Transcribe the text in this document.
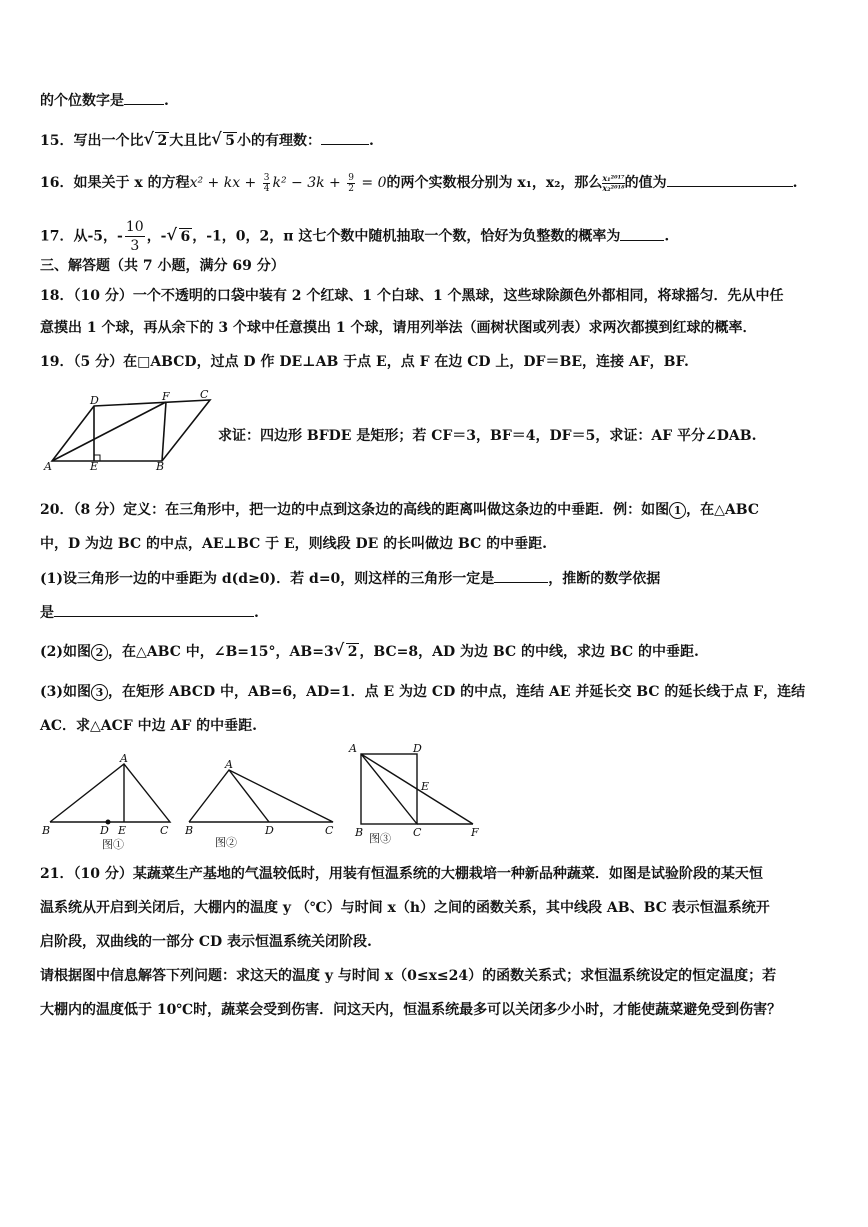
的个位数字是	.
15．写出一个比 √ 2 大且比 √ 5 小的有理数：	.
16．如果关于 x 的方程x² + kx + $\frac{3}{4} k^2 - 3k + \frac{9}{2} = 0$的两个实数根分别为 x₁，x₂，那么 $\frac{\text{x₁²⁰¹⁷}}{\text{x₂²⁰¹⁸}}$的值为	.
17．从-5，- $\frac{10}{3}$ ，- √ 6 ，-1，0，2，π 这七个数中随机抽取一个数，恰好为负整数的概率为	.
三、解答题（共 7 小题，满分 69 分）
18．（10 分）一个不透明的口袋中装有 2 个红球、1 个白球、1 个黑球，这些球除颜色外都相同，将球摇匀．先从中任
意摸出 1 个球，再从余下的 3 个球中任意摸出 1 个球，请用列举法（画树状图或列表）求两次都摸到红球的概率．
19．（5 分）在□ABCD，过点 D 作 DE⊥AB 于点 E，点 F 在边 CD 上，DF＝BE，连接 AF，BF.
D	F	C
A	E	B
求证：四边形 BFDE 是矩形；若 CF＝3，BF＝4，DF＝5，求证：AF 平分∠DAB.
20．（8 分）定义：在三角形中，把一边的中点到这条边的高线的距离叫做这条边的中垂距．例：如图 1 ，在△ABC
中，D 为边 BC 的中点，AE⊥BC 于 E，则线段 DE 的长叫做边 BC 的中垂距.
(1)设三角形一边的中垂距为 d(d≥0)．若 d=0，则这样的三角形一定是	，推断的数学依据
是	.
(2)如图 2 ，在△ABC 中，∠B=15°，AB=3 √ 2 ，BC=8，AD 为边 BC 的中线，求边 BC 的中垂距.
(3)如图 3 ，在矩形 ABCD 中，AB=6，AD=1．点 E 为边 CD 的中点，连结 AE 并延长交 BC 的延长线于点 F，连结
AC．求△ACF 中边 AF 的中垂距.
A
B	D E	C
图①
A
B	D	C
图②
A	D
E
B	C	F
图③
21．（10 分）某蔬菜生产基地的气温较低时，用装有恒温系统的大棚栽培一种新品种蔬菜．如图是试验阶段的某天恒
温系统从开启到关闭后，大棚内的温度 y （℃）与时间 x（h）之间的函数关系，其中线段 AB、BC 表示恒温系统开
启阶段，双曲线的一部分 CD 表示恒温系统关闭阶段.
请根据图中信息解答下列问题：求这天的温度 y 与时间 x（0≤x≤24）的函数关系式；求恒温系统设定的恒定温度；若
大棚内的温度低于 10℃时，蔬菜会受到伤害．问这天内，恒温系统最多可以关闭多少小时，才能使蔬菜避免受到伤害？
